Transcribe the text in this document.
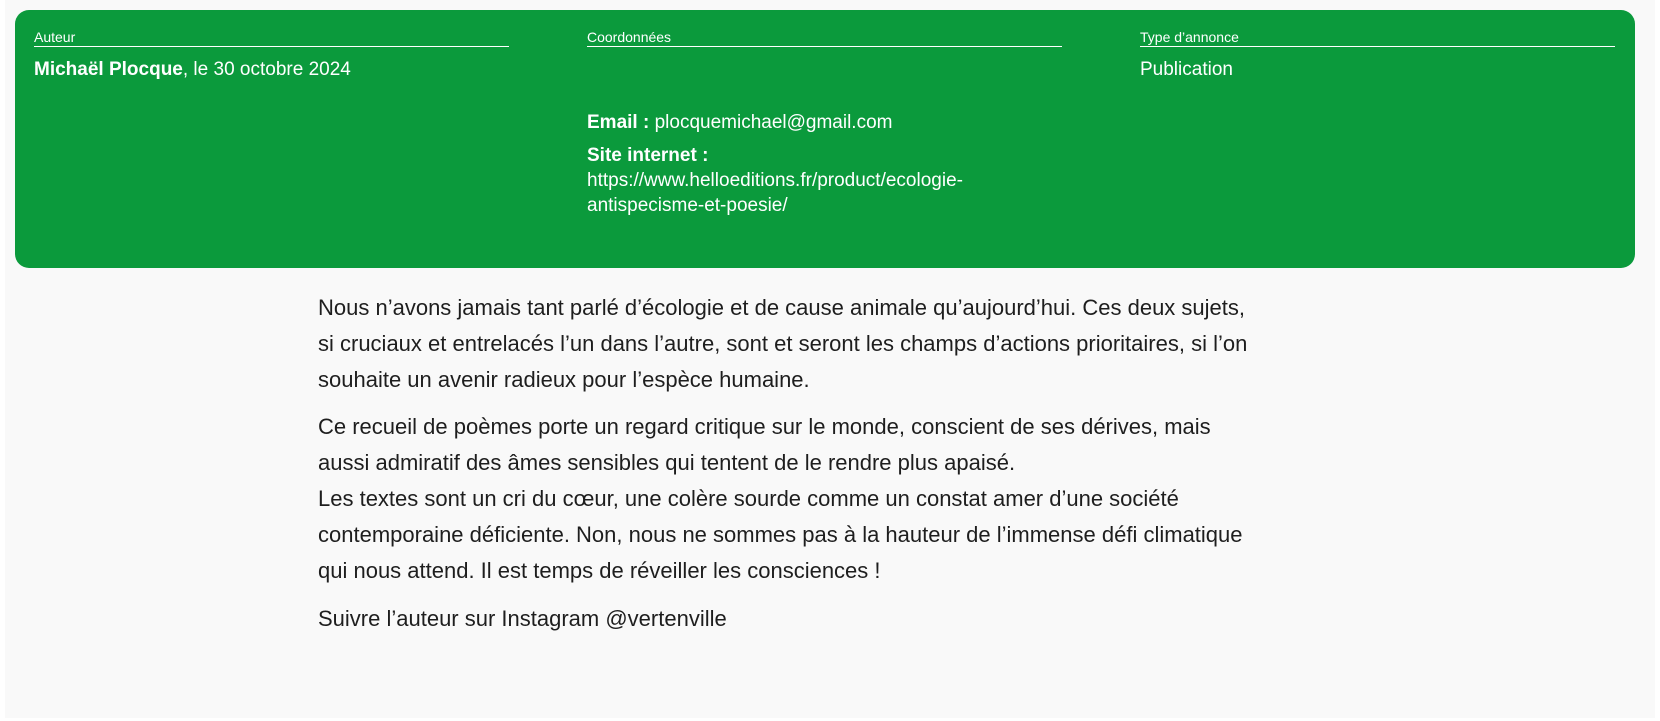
Auteur
Michaël Plocque, le 30 octobre 2024
Coordonnées
Email : plocquemichael@gmail.com
Site internet :
https://www.helloeditions.fr/product/ecologie-
antispecisme-et-poesie/
Type d’annonce
Publication

Nous n’avons jamais tant parlé d’écologie et de cause animale qu’aujourd’hui. Ces deux sujets,
si cruciaux et entrelacés l’un dans l’autre, sont et seront les champs d’actions prioritaires, si l’on
souhaite un avenir radieux pour l’espèce humaine.

Ce recueil de poèmes porte un regard critique sur le monde, conscient de ses dérives, mais
aussi admiratif des âmes sensibles qui tentent de le rendre plus apaisé.
Les textes sont un cri du cœur, une colère sourde comme un constat amer d’une société
contemporaine déficiente. Non, nous ne sommes pas à la hauteur de l’immense défi climatique
qui nous attend. Il est temps de réveiller les consciences !

Suivre l’auteur sur Instagram @vertenville
